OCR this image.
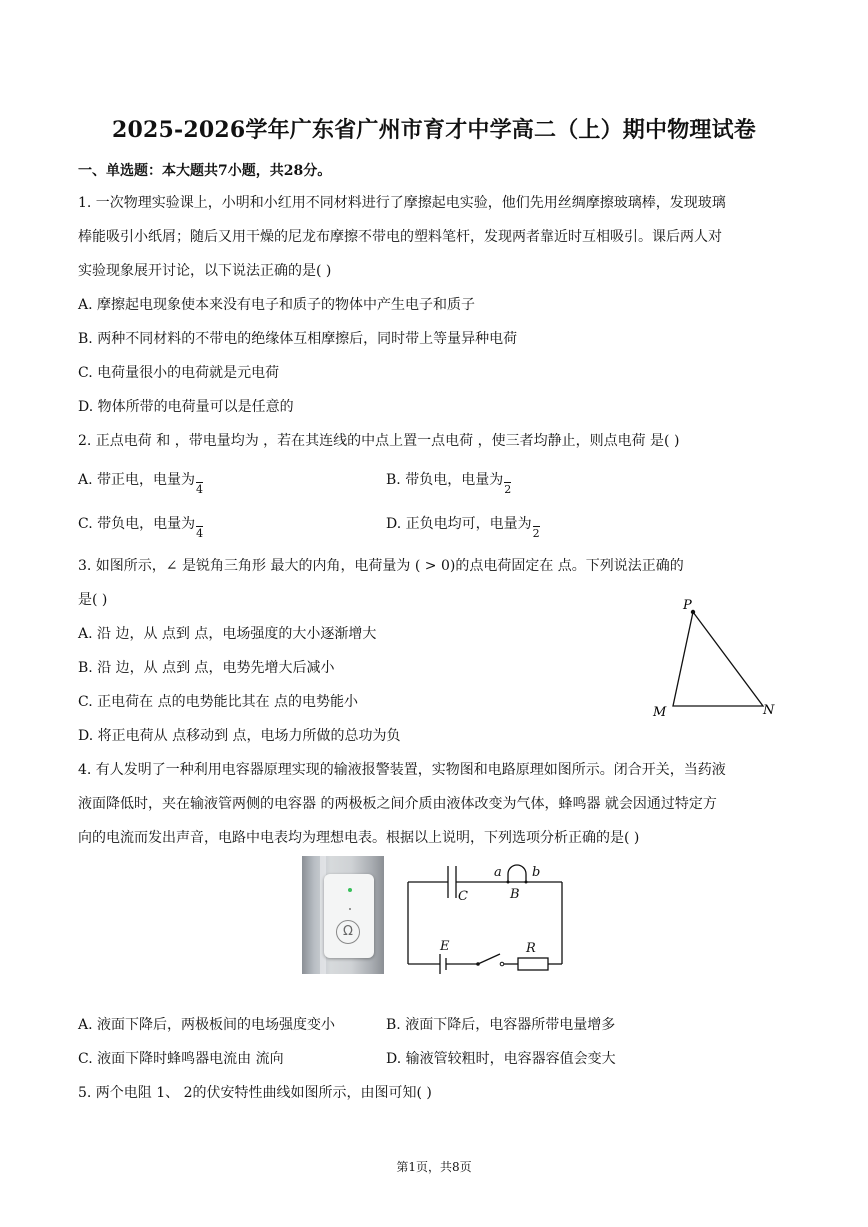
2025-2026学年广东省广州市育才中学高二（上）期中物理试卷
一、单选题：本大题共7小题，共28分。
1. 一次物理实验课上，小明和小红用不同材料进行了摩擦起电实验，他们先用丝绸摩擦玻璃棒，发现玻璃
棒能吸引小纸屑；随后又用干燥的尼龙布摩擦不带电的塑料笔杆，发现两者靠近时互相吸引。课后两人对
实验现象展开讨论，以下说法正确的是( )
A. 摩擦起电现象使本来没有电子和质子的物体中产生电子和质子
B. 两种不同材料的不带电的绝缘体互相摩擦后，同时带上等量异种电荷
C. 电荷量很小的电荷就是元电荷
D. 物体所带的电荷量可以是任意的
2. 正点电荷 和 ，带电量均为 ，若在其连线的中点上置一点电荷 ，使三者均静止，则点电荷 是( )
A. 带正电，电量为
4
B. 带负电，电量为
2
C. 带负电，电量为
4
D. 正负电均可，电量为
2
3. 如图所示，∠ 是锐角三角形 最大的内角，电荷量为 ( > 0)的点电荷固定在 点。下列说法正确的
是( )
A. 沿 边，从 点到 点，电场强度的大小逐渐增大
B. 沿 边，从 点到 点，电势先增大后减小
C. 正电荷在 点的电势能比其在 点的电势能小
D. 将正电荷从 点移动到 点，电场力所做的总功为负
P
M	N
4. 有人发明了一种利用电容器原理实现的输液报警装置，实物图和电路原理如图所示。闭合开关，当药液
液面降低时，夹在输液管两侧的电容器 的两极板之间介质由液体改变为气体，蜂鸣器 就会因通过特定方
向的电流而发出声音，电路中电表均为理想电表。根据以上说明，下列选项分析正确的是( )
Ω
a b
B
C
E	R
A. 液面下降后，两极板间的电场强度变小	B. 液面下降后，电容器所带电量增多
C. 液面下降时蜂鸣器电流由 流向	D. 输液管较粗时，电容器容值会变大
5. 两个电阻 1、 2的伏安特性曲线如图所示，由图可知( )
第1页，共8页
